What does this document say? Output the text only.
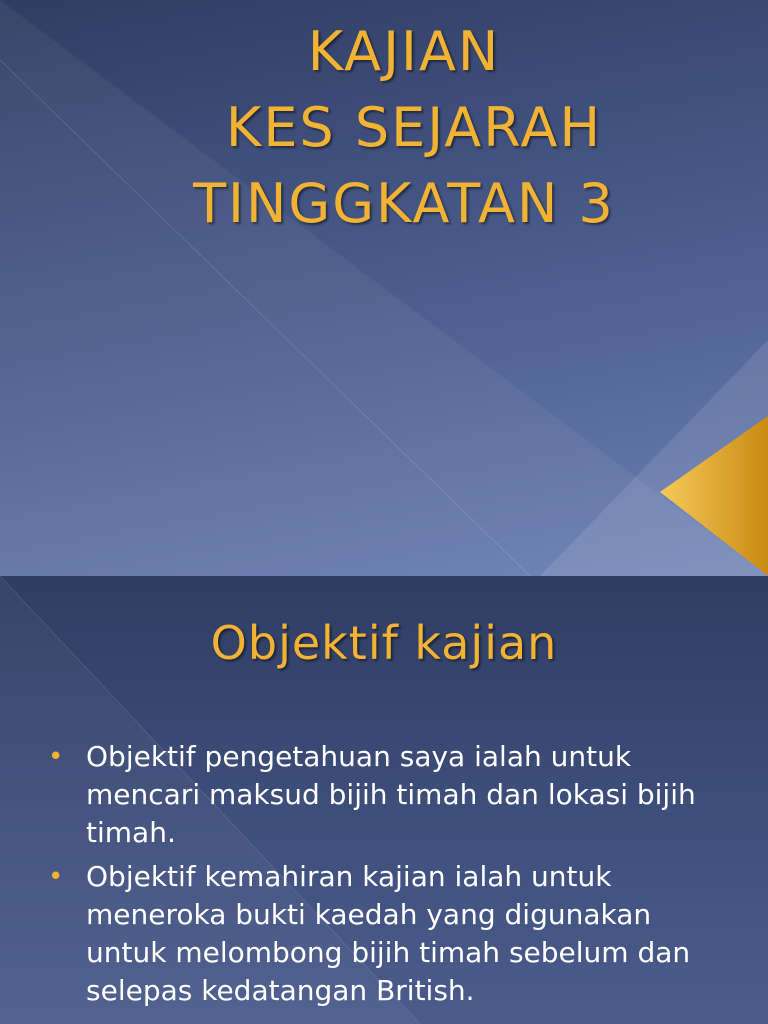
KAJIAN
KES SEJARAH
TINGGKATAN 3
Objektif kajian
• Objektif pengetahuan saya ialah untuk mencari maksud bijih timah dan lokasi bijih timah.
• Objektif kemahiran kajian ialah untuk meneroka bukti kaedah yang digunakan untuk melombong bijih timah sebelum dan selepas kedatangan British.
